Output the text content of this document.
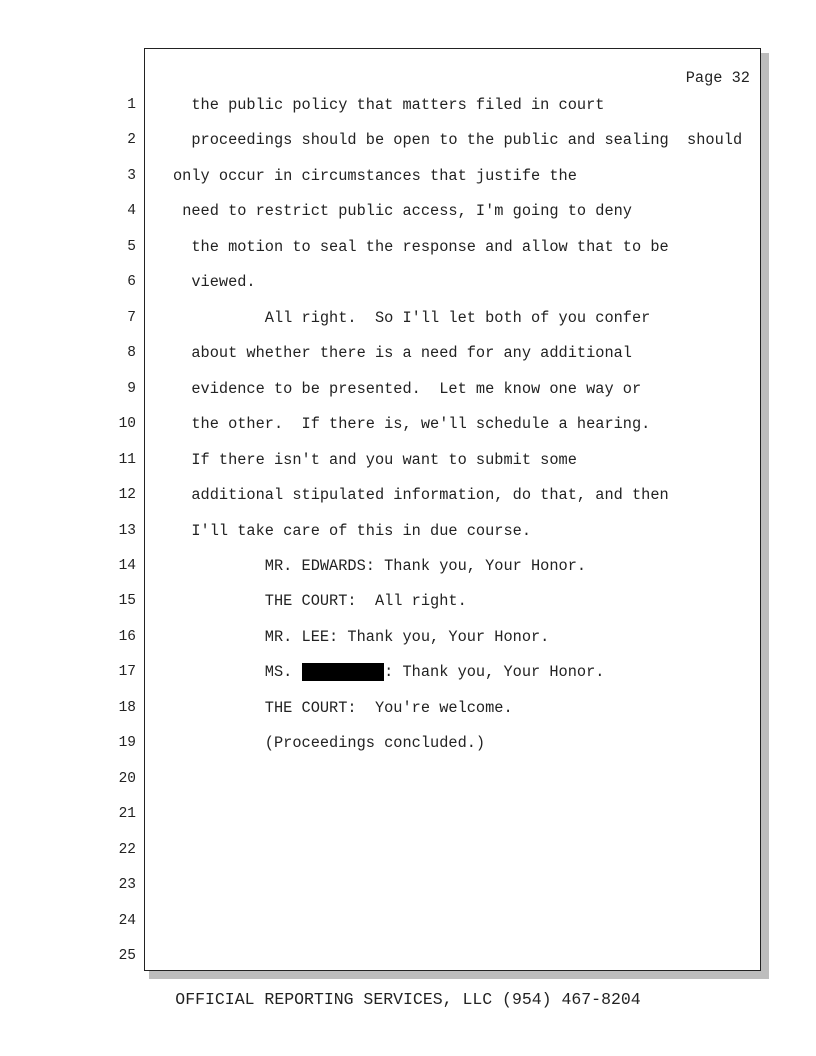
Page 32
1	the public policy that matters filed in court
2	proceedings should be open to the public and sealing  should
3 only occur in circumstances that justife the
4	need to restrict public access, I'm going to deny
5	the motion to seal the response and allow that to be
6	viewed.
7	All right.  So I'll let both of you confer
8	about whether there is a need for any additional
9	evidence to be presented.  Let me know one way or
10	the other.  If there is, we'll schedule a hearing.
11	If there isn't and you want to submit some
12	additional stipulated information, do that, and then
13	I'll take care of this in due course.
14	MR. EDWARDS: Thank you, Your Honor.
15	THE COURT:  All right.
16	MR. LEE: Thank you, Your Honor.
17	MS.	: Thank you, Your Honor.
18	THE COURT:  You're welcome.
19	(Proceedings concluded.)
20
21
22
23
24
25
OFFICIAL REPORTING SERVICES, LLC (954) 467-8204
